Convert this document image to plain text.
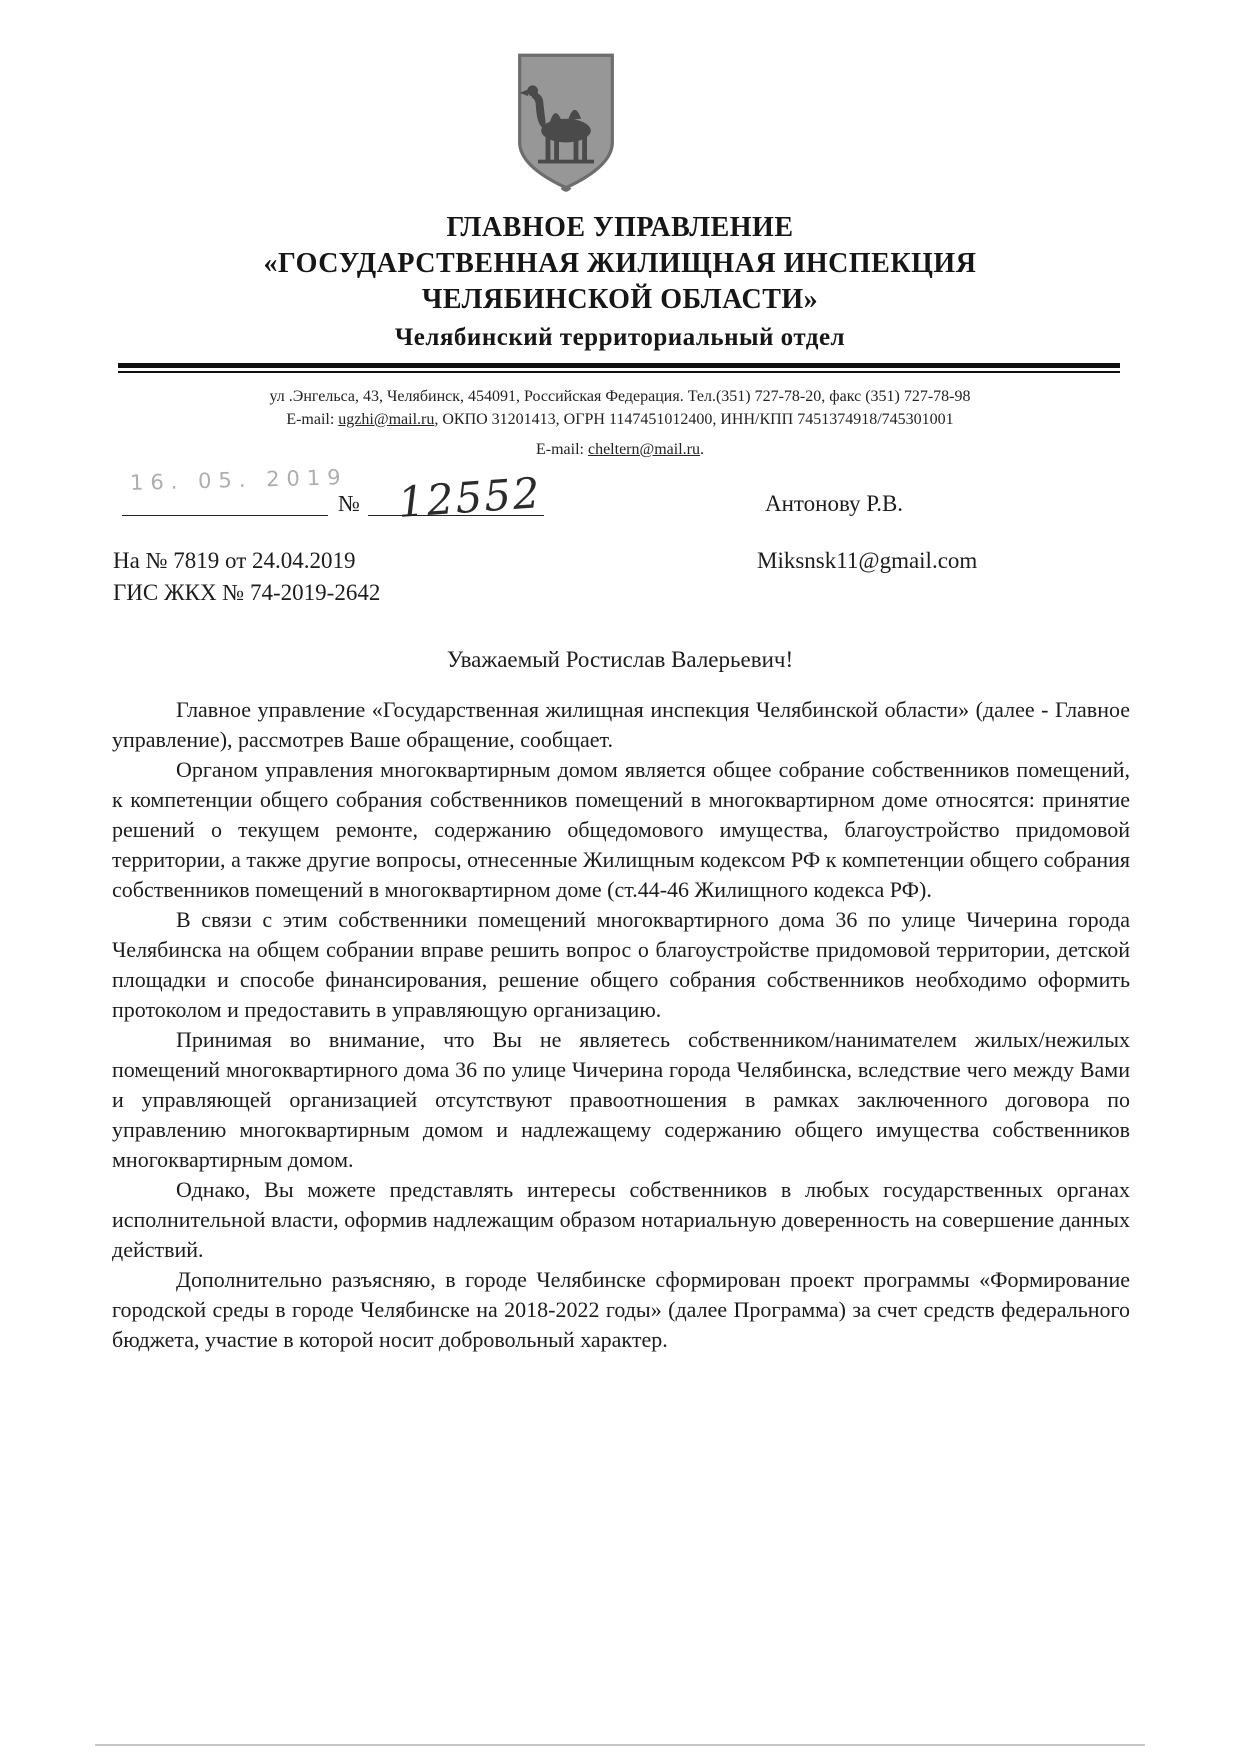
ГЛАВНОЕ УПРАВЛЕНИЕ
«ГОСУДАРСТВЕННАЯ ЖИЛИЩНАЯ ИНСПЕКЦИЯ
ЧЕЛЯБИНСКОЙ ОБЛАСТИ»
Челябинский территориальный отдел
ул .Энгельса, 43, Челябинск, 454091, Российская Федерация. Тел.(351) 727-78-20, факс (351) 727-78-98
E-mail: ugzhi@mail.ru, ОКПО 31201413, ОГРН 1147451012400, ИНН/КПП 7451374918/745301001
E-mail: cheltern@mail.ru.
16. 05. 2019
№ 12552	Антонову Р.В.
На № 7819 от 24.04.2019
ГИС ЖКХ № 74-2019-2642
Miksnsk11@gmail.com
Уважаемый Ростислав Валерьевич!

Главное управление «Государственная жилищная инспекция Челябинской области» (далее - Главное управление), рассмотрев Ваше обращение, сообщает.

Органом управления многоквартирным домом является общее собрание собственников помещений, к компетенции общего собрания собственников помещений в многоквартирном доме относятся: принятие решений о текущем ремонте, содержанию общедомового имущества, благоустройство придомовой территории, а также другие вопросы, отнесенные Жилищным кодексом РФ к компетенции общего собрания собственников помещений в многоквартирном доме (ст.44-46 Жилищного кодекса РФ).

В связи с этим собственники помещений многоквартирного дома 36 по улице Чичерина города Челябинска на общем собрании вправе решить вопрос о благоустройстве придомовой территории, детской площадки и способе финансирования, решение общего собрания собственников необходимо оформить протоколом и предоставить в управляющую организацию.

Принимая во внимание, что Вы не являетесь собственником/нанимателем жилых/нежилых помещений многоквартирного дома 36 по улице Чичерина города Челябинска, вследствие чего между Вами и управляющей организацией отсутствуют правоотношения в рамках заключенного договора по управлению многоквартирным домом и надлежащему содержанию общего имущества собственников многоквартирным домом.

Однако, Вы можете представлять интересы собственников в любых государственных органах исполнительной власти, оформив надлежащим образом нотариальную доверенность на совершение данных действий.

Дополнительно разъясняю, в городе Челябинске сформирован проект программы «Формирование городской среды в городе Челябинске на 2018-2022 годы» (далее Программа) за счет средств федерального бюджета, участие в которой носит добровольный характер.
